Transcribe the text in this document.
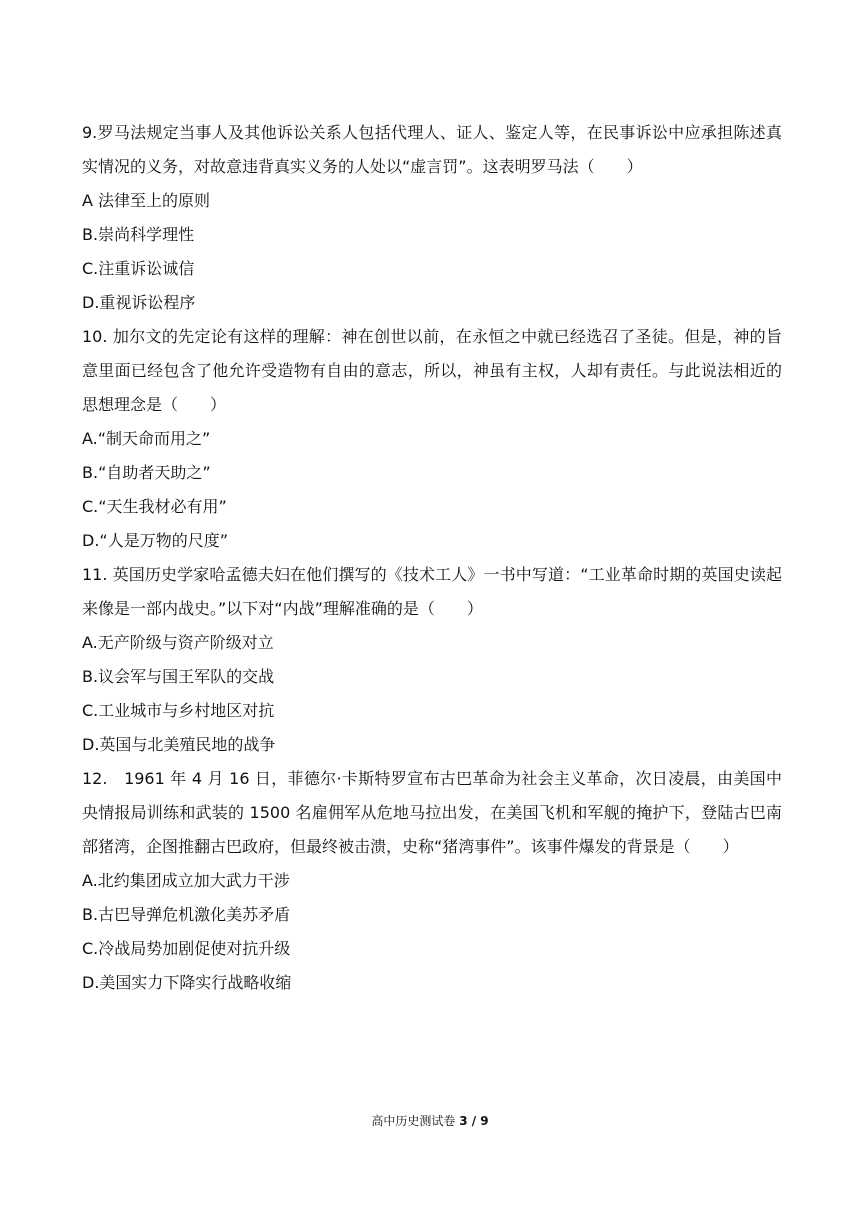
9.罗马法规定当事人及其他诉讼关系人包括代理人、证人、鉴定人等，在民事诉讼中应承担陈述真实情况的义务，对故意违背真实义务的人处以“虚言罚”。这表明罗马法（　　）

A 法律至上的原则

B.崇尚科学理性

C.注重诉讼诚信

D.重视诉讼程序

10. 加尔文的先定论有这样的理解：神在创世以前，在永恒之中就已经选召了圣徒。但是，神的旨意里面已经包含了他允许受造物有自由的意志，所以，神虽有主权，人却有责任。与此说法相近的思想理念是（　　）

A.“制天命而用之”

B.“自助者天助之”

C.“天生我材必有用”

D.“人是万物的尺度”

11. 英国历史学家哈孟德夫妇在他们撰写的《技术工人》一书中写道：“工业革命时期的英国史读起来像是一部内战史。”以下对“内战”理解准确的是（　　）

A.无产阶级与资产阶级对立

B.议会军与国王军队的交战

C.工业城市与乡村地区对抗

D.英国与北美殖民地的战争

12.　1961 年 4 月 16 日，菲德尔·卡斯特罗宣布古巴革命为社会主义革命，次日凌晨，由美国中央情报局训练和武装的 1500 名雇佣军从危地马拉出发，在美国飞机和军舰的掩护下，登陆古巴南部猪湾，企图推翻古巴政府，但最终被击溃，史称“猪湾事件”。该事件爆发的背景是（　　）

A.北约集团成立加大武力干涉

B.古巴导弹危机激化美苏矛盾

C.冷战局势加剧促使对抗升级

D.美国实力下降实行战略收缩

高中历史测试卷 3 / 9
